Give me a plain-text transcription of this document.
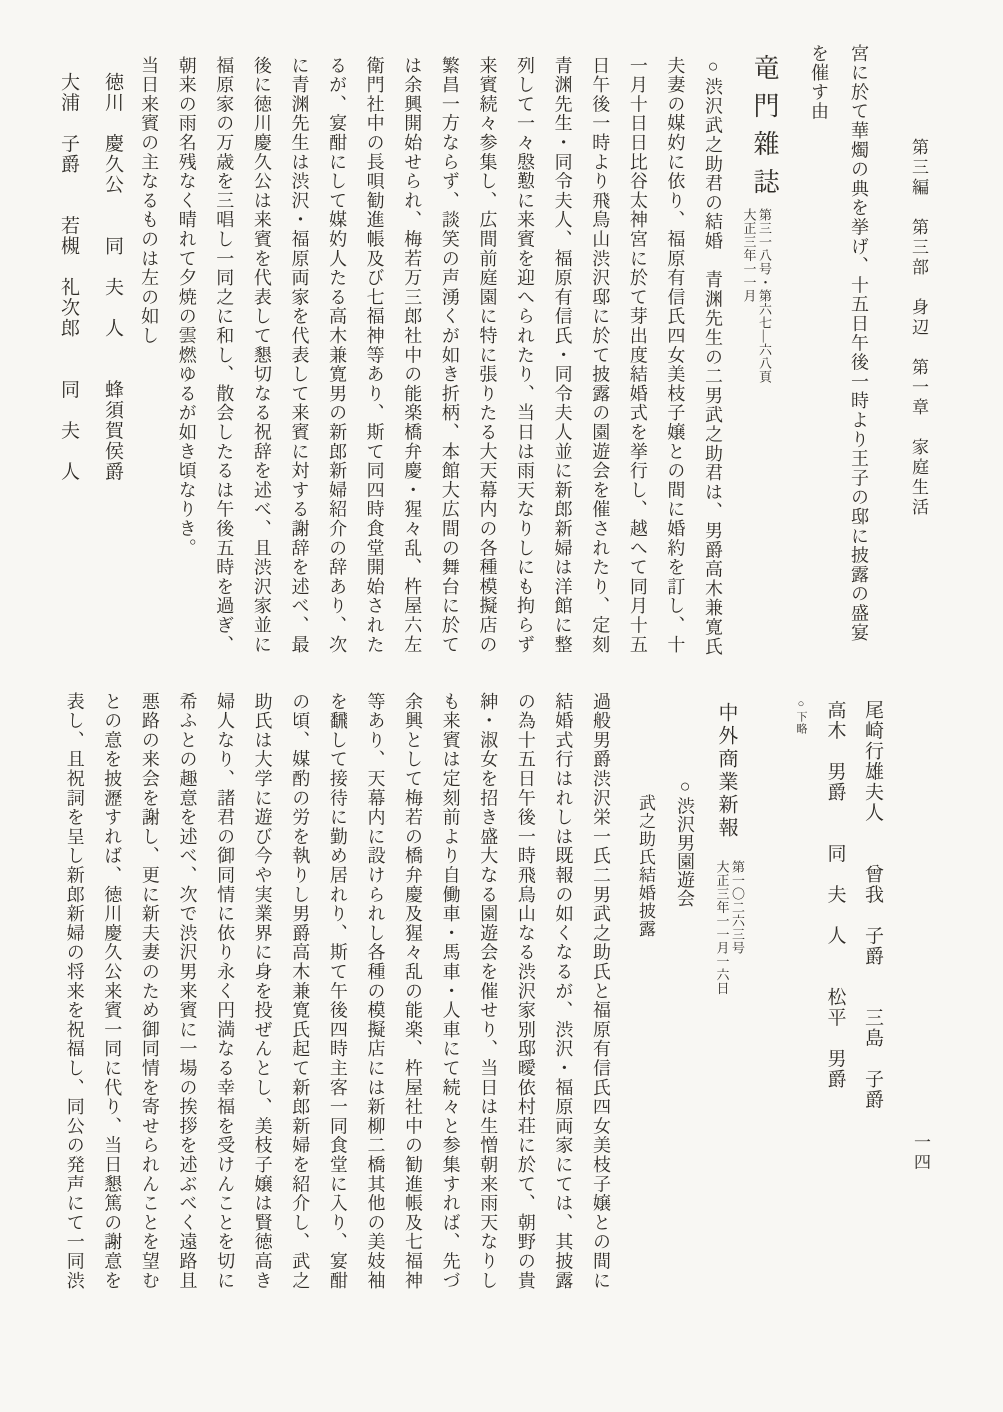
第三編　第三部　身辺　第一章　家庭生活
一四
宮に於て華燭の典を挙げ、十五日午後一時より王子の邸に披露の盛宴
を催す由
竜門雜誌
第三一八号・第六七―六八頁
大正三年一一月
○渋沢武之助君の結婚　青渊先生の二男武之助君は、男爵高木兼寛氏
夫妻の媒妁に依り、福原有信氏四女美枝子嬢との間に婚約を訂し、十
一月十日日比谷太神宮に於て芽出度結婚式を挙行し、越へて同月十五
日午後一時より飛鳥山渋沢邸に於て披露の園遊会を催されたり、定刻
青渊先生・同令夫人、福原有信氏・同令夫人並に新郎新婦は洋館に整
列して一々慇懃に来賓を迎へられたり、当日は雨天なりしにも拘らず
来賓続々参集し、広間前庭園に特に張りたる大天幕内の各種模擬店の
繁昌一方ならず、談笑の声湧くが如き折柄、本館大広間の舞台に於て
は余興開始せられ、梅若万三郎社中の能楽橋弁慶・猩々乱、杵屋六左
衛門社中の長唄勧進帳及び七福神等あり、斯て同四時食堂開始された
るが、宴酣にして媒妁人たる高木兼寛男の新郎新婦紹介の辞あり、次
に青渊先生は渋沢・福原両家を代表して来賓に対する謝辞を述べ、最
後に徳川慶久公は来賓を代表して懇切なる祝辞を述べ、且渋沢家並に
福原家の万歳を三唱し一同之に和し、散会したるは午後五時を過ぎ、
朝来の雨名残なく晴れて夕焼の雲燃ゆるが如き頃なりき。
当日来賓の主なるものは左の如し
徳川　慶久公　　同　夫　人　　蜂須賀侯爵
大浦　子爵　　若槻　礼次郎　　同　夫　人
尾崎行雄夫人　　曾我　子爵　　三島　子爵
高木　男爵　　同　夫　人　　松平　男爵
○下略
中外商業新報
第一〇二六三号
大正三年一一月一六日
○渋沢男園遊会
武之助氏結婚披露
過般男爵渋沢栄一氏二男武之助氏と福原有信氏四女美枝子嬢との間に
結婚式行はれしは既報の如くなるが、渋沢・福原両家にては、其披露
の為十五日午後一時飛鳥山なる渋沢家別邸曖依村荘に於て、朝野の貴
紳・淑女を招き盛大なる園遊会を催せり、当日は生憎朝来雨天なりし
も来賓は定刻前より自働車・馬車・人車にて続々と参集すれば、先づ
余興として梅若の橋弁慶及猩々乱の能楽、杵屋社中の勧進帳及七福神
等あり、天幕内に設けられし各種の模擬店には新柳二橋其他の美妓袖
を飜して接待に勤め居れり、斯て午後四時主客一同食堂に入り、宴酣
の頃、媒酌の労を執りし男爵高木兼寛氏起て新郎新婦を紹介し、武之
助氏は大学に遊び今や実業界に身を投ぜんとし、美枝子嬢は賢徳高き
婦人なり、諸君の御同情に依り永く円満なる幸福を受けんことを切に
希ふとの趣意を述べ、次で渋沢男来賓に一場の挨拶を述ぶべく遠路且
悪路の来会を謝し、更に新夫妻のため御同情を寄せられんことを望む
との意を披瀝すれば、徳川慶久公来賓一同に代り、当日懇篤の謝意を
表し、且祝詞を呈し新郎新婦の将来を祝福し、同公の発声にて一同渋
